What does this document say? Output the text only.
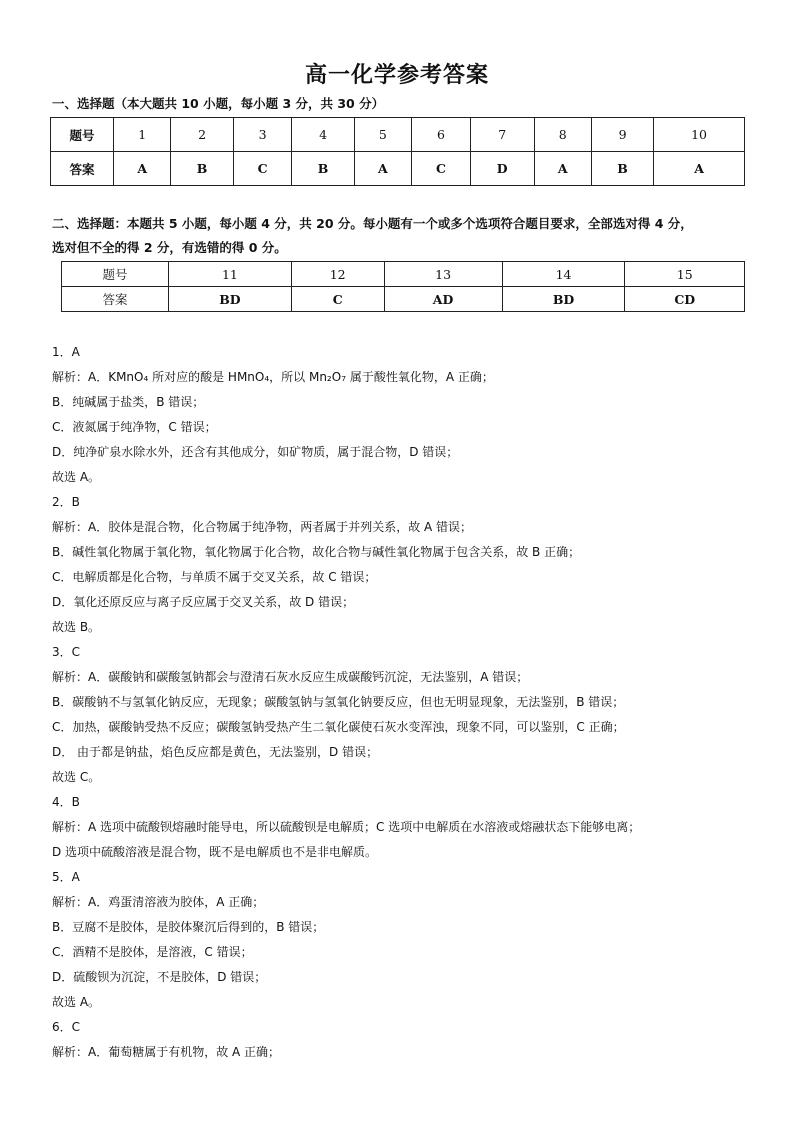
高一化学参考答案
一、选择题（本大题共 10 小题，每小题 3 分，共 30 分）
题号	1	2	3	4	5	6	7	8	9	10
答案	A	B	C	B	A	C	D	A	B	A
二、选择题：本题共 5 小题，每小题 4 分，共 20 分。每小题有一个或多个选项符合题目要求，全部选对得 4 分，
选对但不全的得 2 分，有选错的得 0 分。
题号	11	12	13	14	15
答案	BD	C	AD	BD	CD
1．A
解析：A．KMnO₄ 所对应的酸是 HMnO₄，所以 Mn₂O₇ 属于酸性氧化物，A 正确；
B．纯碱属于盐类，B 错误；
C．液氮属于纯净物，C 错误；
D．纯净矿泉水除水外，还含有其他成分，如矿物质，属于混合物，D 错误；
故选 A。
2．B
解析：A．胶体是混合物，化合物属于纯净物，两者属于并列关系，故 A 错误；
B．碱性氧化物属于氧化物，氧化物属于化合物，故化合物与碱性氧化物属于包含关系，故 B 正确；
C．电解质都是化合物，与单质不属于交叉关系，故 C 错误；
D．氧化还原反应与离子反应属于交叉关系，故 D 错误；
故选 B。
3．C
解析：A．碳酸钠和碳酸氢钠都会与澄清石灰水反应生成碳酸钙沉淀，无法鉴别，A 错误；
B．碳酸钠不与氢氧化钠反应，无现象；碳酸氢钠与氢氧化钠要反应，但也无明显现象，无法鉴别，B 错误；
C．加热，碳酸钠受热不反应；碳酸氢钠受热产生二氧化碳使石灰水变浑浊，现象不同，可以鉴别，C 正确；
D． 由于都是钠盐，焰色反应都是黄色，无法鉴别，D 错误；
故选 C。
4．B
解析：A 选项中硫酸钡熔融时能导电，所以硫酸钡是电解质；C 选项中电解质在水溶液或熔融状态下能够电离；
D 选项中硫酸溶液是混合物，既不是电解质也不是非电解质。
5．A
解析：A．鸡蛋清溶液为胶体，A 正确；
B．豆腐不是胶体，是胶体聚沉后得到的，B 错误；
C．酒精不是胶体，是溶液，C 错误；
D．硫酸钡为沉淀，不是胶体，D 错误；
故选 A。
6．C
解析：A．葡萄糖属于有机物，故 A 正确；
